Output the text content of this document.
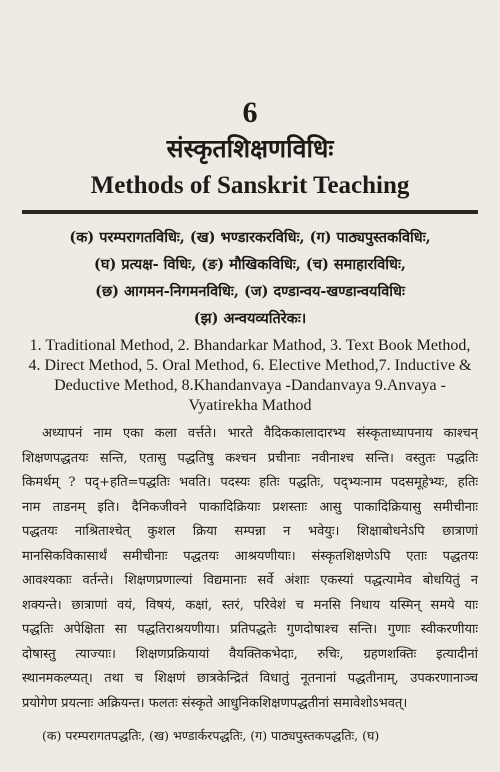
6
संस्कृतशिक्षणविधिः
Methods of Sanskrit Teaching
(क) परम्परागतविधिः, (ख) भण्डारकरविधिः, (ग) पाठ्यपुस्तकविधिः,
(घ) प्रत्यक्ष- विधिः, (ङ) मौखिकविधिः, (च) समाहारविधिः,
(छ) आगमन-निगमनविधिः, (ज) दण्डान्वय-खण्डान्वयविधिः
(झ) अन्वयव्यतिरेकः।
1. Traditional Method, 2. Bhandarkar Mathod, 3. Text Book Method,
4. Direct Method, 5. Oral Method, 6. Elective Method,7. Inductive &
Deductive Method, 8.Khandanvaya -Dandanvaya 9.Anvaya -
Vyatirekha Mathod
अध्यापनं नाम एका कला वर्त्तते। भारते वैदिककालादारभ्य संस्कृताध्यापनाय काश्चन्
शिक्षणपद्धतयः सन्ति, एतासु पद्धतिषु कश्चन प्रचीनाः नवीनाश्च सन्ति। वस्तुतः पद्धतिः
किमर्थम् ? पद्+हति=पद्धतिः भवति। पदस्यः हतिः पद्धतिः, पद्भ्यःनाम पदसमूहेभ्यः, हतिः
नाम ताडनम् इति। दैनिकजीवने पाकादिक्रियाः प्रशस्ताः आसु पाकादिक्रियासु समीचीनाः
पद्धतयः नाश्रिताश्चेत् कुशल क्रिया सम्पन्ना न भवेयुः। शिक्षाबोधनेऽपि छात्राणां
मानसिकविकासार्थं समीचीनाः पद्धतयः आश्रयणीयाः। संस्कृतशिक्षणेऽपि एताः पद्धतयः
आवश्यकाः वर्तन्ते। शिक्षणप्रणाल्यां विद्यमानाः सर्वे अंशाः एकस्यां पद्धत्यामेव बोधयितुं न
शक्यन्ते। छात्राणां वयं, विषयं, कक्षां, स्तरं, परिवेशं च मनसि निधाय यस्मिन् समये याः
पद्धतिः अपेक्षिता सा पद्धतिराश्रयणीया। प्रतिपद्धतेः गुणदोषाश्च सन्ति। गुणाः स्वीकरणीयाः
दोषास्तु त्याज्याः। शिक्षणप्रक्रियायां वैयक्तिकभेदाः, रुचिः, ग्रहणशक्तिः इत्यादीनां
स्थानमकल्प्यत्। तथा च शिक्षणं छात्रकेन्द्रितं विधातुं नूतनानां पद्धतीनाम्, उपकरणानाञ्च
प्रयोगेण प्रयत्नाः अक्रियन्त। फलतः संस्कृते आधुनिकशिक्षणपद्धतीनां समावेशोऽभवत्।
(क) परम्परागतपद्धतिः, (ख) भण्डार्करपद्धतिः, (ग) पाठ्यपुस्तकपद्धतिः, (घ)
